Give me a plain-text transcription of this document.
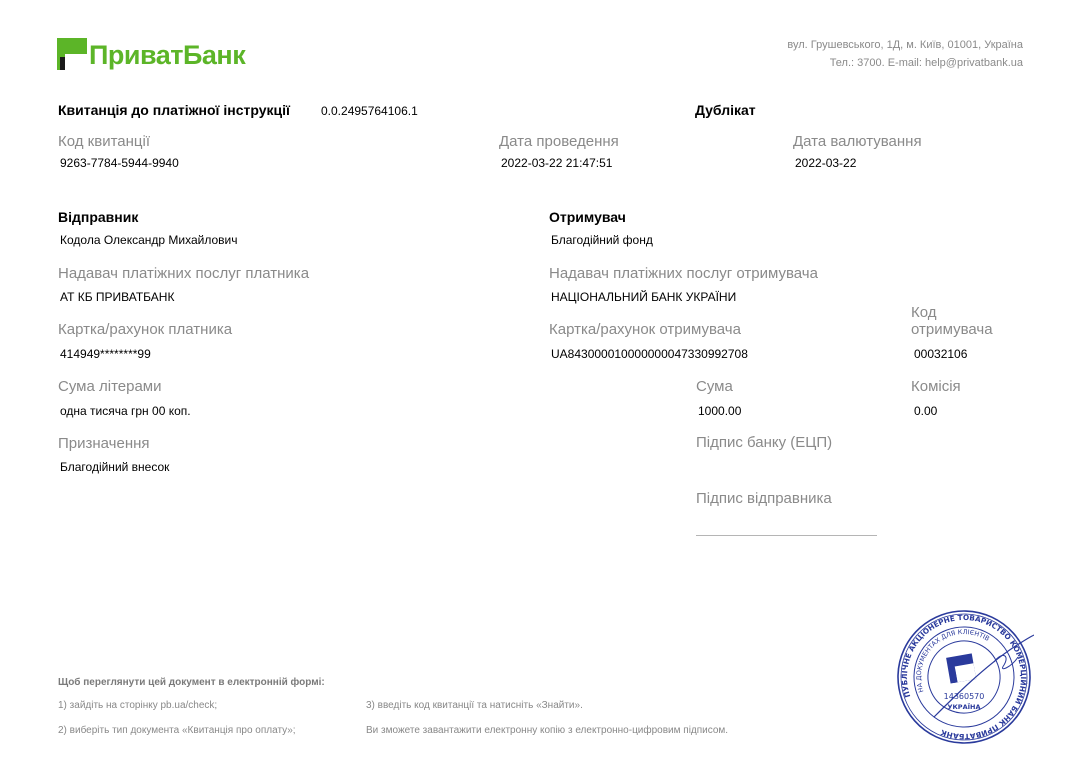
ПриватБанк	вул. Грушевського, 1Д, м. Київ, 01001, Україна
Тел.: 3700. E-mail: help@privatbank.ua
Квитанція до платіжної інструкції	0.0.2495764106.1	Дублікат
Код квитанції
9263-7784-5944-9940
Дата проведення
2022-03-22 21:47:51
Дата валютування
2022-03-22
Відправник
Кодола Олександр Михайлович
Отримувач
Благодійний фонд
Надавач платіжних послуг платника
АТ КБ ПРИВАТБАНК
Надавач платіжних послуг отримувача
НАЦІОНАЛЬНИЙ БАНК УКРАЇНИ
Картка/рахунок платника
414949********99
Картка/рахунок отримувача
UA843000010000000047330992708
Код
отримувача
00032106
Сума літерами
одна тисяча грн 00 коп.
Сума
1000.00
Комісія
0.00
Призначення
Благодійний внесок
Підпис банку (ЕЦП)
Підпис відправника
Щоб переглянути цей документ в електронній формі:
1) зайдіть на сторінку pb.ua/check;
2) виберіть тип документа «Квитанція про оплату»;
3) введіть код квитанції та натисніть «Знайти».
Ви зможете завантажити електронну копію з електронно-цифровим підписом.
ПУБЛІЧНЕ АКЦІОНЕРНЕ ТОВАРИСТВО КОМЕРЦІЙНИЙ БАНК ПРИВАТБАНК
НА ДОКУМЕНТАХ ДЛЯ КЛІЄНТІВ
14360570
УКРАЇНА
